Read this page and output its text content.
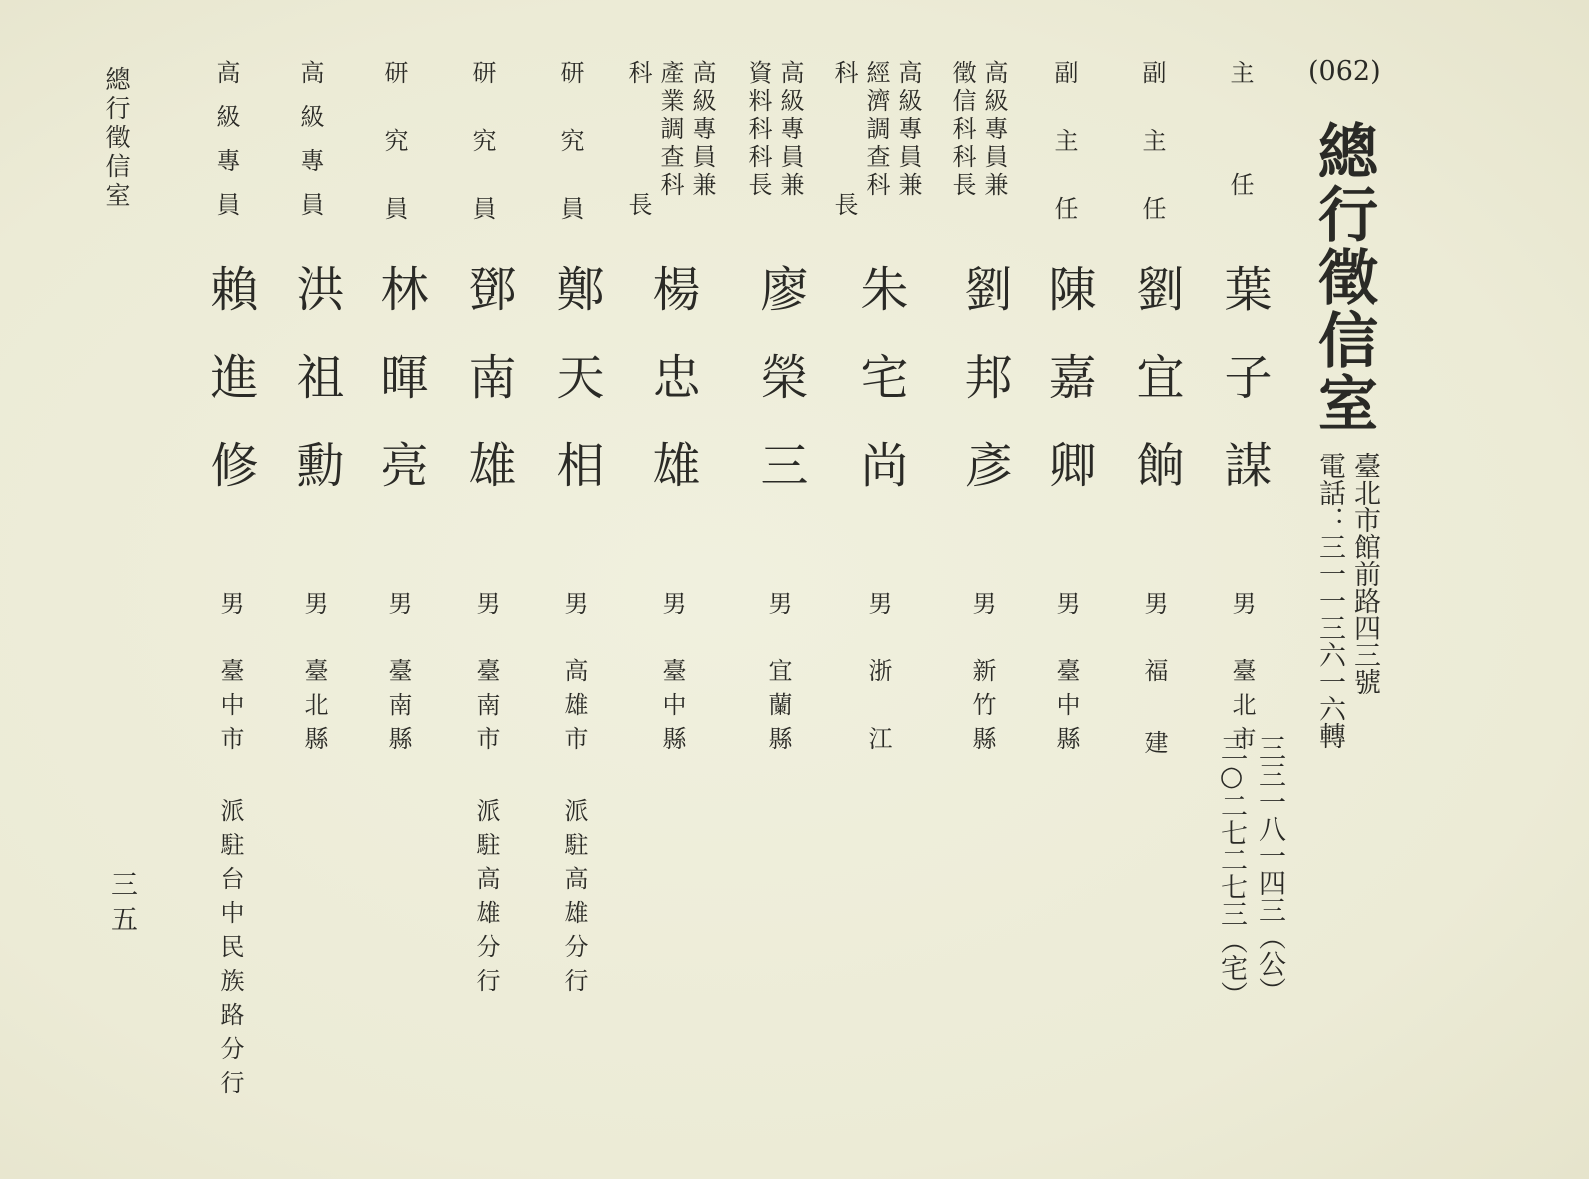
(062)
總行徵信室
臺北市館前路四三號
電話：三一一三六一六轉
三三一八一四三（公）
三○二七二七三（宅）
主任
葉子謀
男
臺北市
副主任
劉宜餉
男
福建
副主任
陳嘉卿
男
臺中縣
高級專員兼
徵信科科長
劉邦彥
男
新竹縣
高級專員兼
經濟調查科
科長
朱宅尚
男
浙江
高級專員兼
資料科科長
廖榮三
男
宜蘭縣
高級專員兼
產業調查科
科長
楊忠雄
男
臺中縣
研究員
鄭天相
男
高雄市
派駐高雄分行
研究員
鄧南雄
男
臺南市
派駐高雄分行
研究員
林暉亮
男
臺南縣
高級專員
洪祖勳
男
臺北縣
高級專員
賴進修
男
臺中市
派駐台中民族路分行
總行徵信室
三五
